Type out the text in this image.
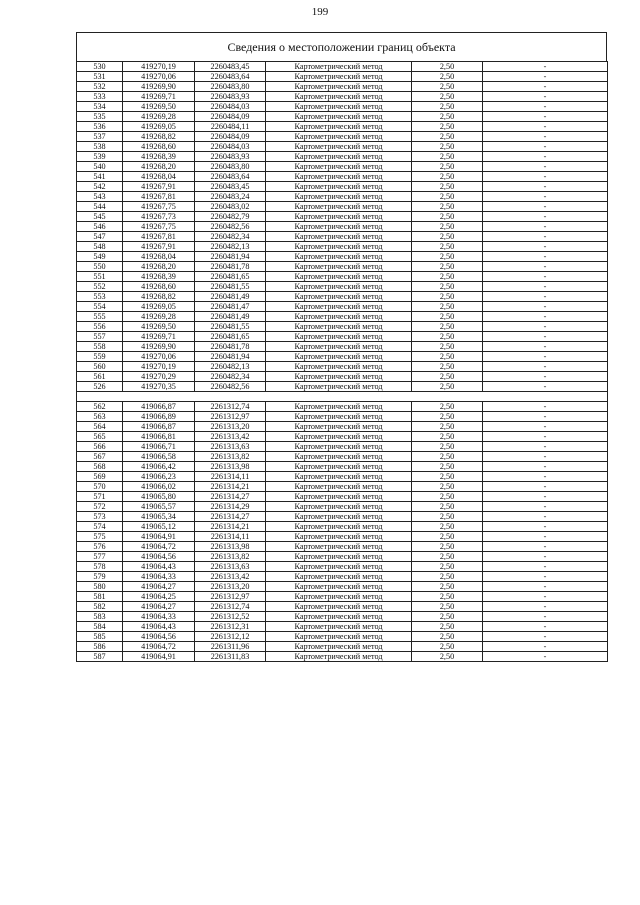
199
Сведения о местоположении границ объекта
530	419270,19	2260483,45	Картометрический метод	2,50	-
531	419270,06	2260483,64	Картометрический метод	2,50	-
532	419269,90	2260483,80	Картометрический метод	2,50	-
533	419269,71	2260483,93	Картометрический метод	2,50	-
534	419269,50	2260484,03	Картометрический метод	2,50	-
535	419269,28	2260484,09	Картометрический метод	2,50	-
536	419269,05	2260484,11	Картометрический метод	2,50	-
537	419268,82	2260484,09	Картометрический метод	2,50	-
538	419268,60	2260484,03	Картометрический метод	2,50	-
539	419268,39	2260483,93	Картометрический метод	2,50	-
540	419268,20	2260483,80	Картометрический метод	2,50	-
541	419268,04	2260483,64	Картометрический метод	2,50	-
542	419267,91	2260483,45	Картометрический метод	2,50	-
543	419267,81	2260483,24	Картометрический метод	2,50	-
544	419267,75	2260483,02	Картометрический метод	2,50	-
545	419267,73	2260482,79	Картометрический метод	2,50	-
546	419267,75	2260482,56	Картометрический метод	2,50	-
547	419267,81	2260482,34	Картометрический метод	2,50	-
548	419267,91	2260482,13	Картометрический метод	2,50	-
549	419268,04	2260481,94	Картометрический метод	2,50	-
550	419268,20	2260481,78	Картометрический метод	2,50	-
551	419268,39	2260481,65	Картометрический метод	2,50	-
552	419268,60	2260481,55	Картометрический метод	2,50	-
553	419268,82	2260481,49	Картометрический метод	2,50	-
554	419269,05	2260481,47	Картометрический метод	2,50	-
555	419269,28	2260481,49	Картометрический метод	2,50	-
556	419269,50	2260481,55	Картометрический метод	2,50	-
557	419269,71	2260481,65	Картометрический метод	2,50	-
558	419269,90	2260481,78	Картометрический метод	2,50	-
559	419270,06	2260481,94	Картометрический метод	2,50	-
560	419270,19	2260482,13	Картометрический метод	2,50	-
561	419270,29	2260482,34	Картометрический метод	2,50	-
526	419270,35	2260482,56	Картометрический метод	2,50	-

562	419066,87	2261312,74	Картометрический метод	2,50	-
563	419066,89	2261312,97	Картометрический метод	2,50	-
564	419066,87	2261313,20	Картометрический метод	2,50	-
565	419066,81	2261313,42	Картометрический метод	2,50	-
566	419066,71	2261313,63	Картометрический метод	2,50	-
567	419066,58	2261313,82	Картометрический метод	2,50	-
568	419066,42	2261313,98	Картометрический метод	2,50	-
569	419066,23	2261314,11	Картометрический метод	2,50	-
570	419066,02	2261314,21	Картометрический метод	2,50	-
571	419065,80	2261314,27	Картометрический метод	2,50	-
572	419065,57	2261314,29	Картометрический метод	2,50	-
573	419065,34	2261314,27	Картометрический метод	2,50	-
574	419065,12	2261314,21	Картометрический метод	2,50	-
575	419064,91	2261314,11	Картометрический метод	2,50	-
576	419064,72	2261313,98	Картометрический метод	2,50	-
577	419064,56	2261313,82	Картометрический метод	2,50	-
578	419064,43	2261313,63	Картометрический метод	2,50	-
579	419064,33	2261313,42	Картометрический метод	2,50	-
580	419064,27	2261313,20	Картометрический метод	2,50	-
581	419064,25	2261312,97	Картометрический метод	2,50	-
582	419064,27	2261312,74	Картометрический метод	2,50	-
583	419064,33	2261312,52	Картометрический метод	2,50	-
584	419064,43	2261312,31	Картометрический метод	2,50	-
585	419064,56	2261312,12	Картометрический метод	2,50	-
586	419064,72	2261311,96	Картометрический метод	2,50	-
587	419064,91	2261311,83	Картометрический метод	2,50	-
